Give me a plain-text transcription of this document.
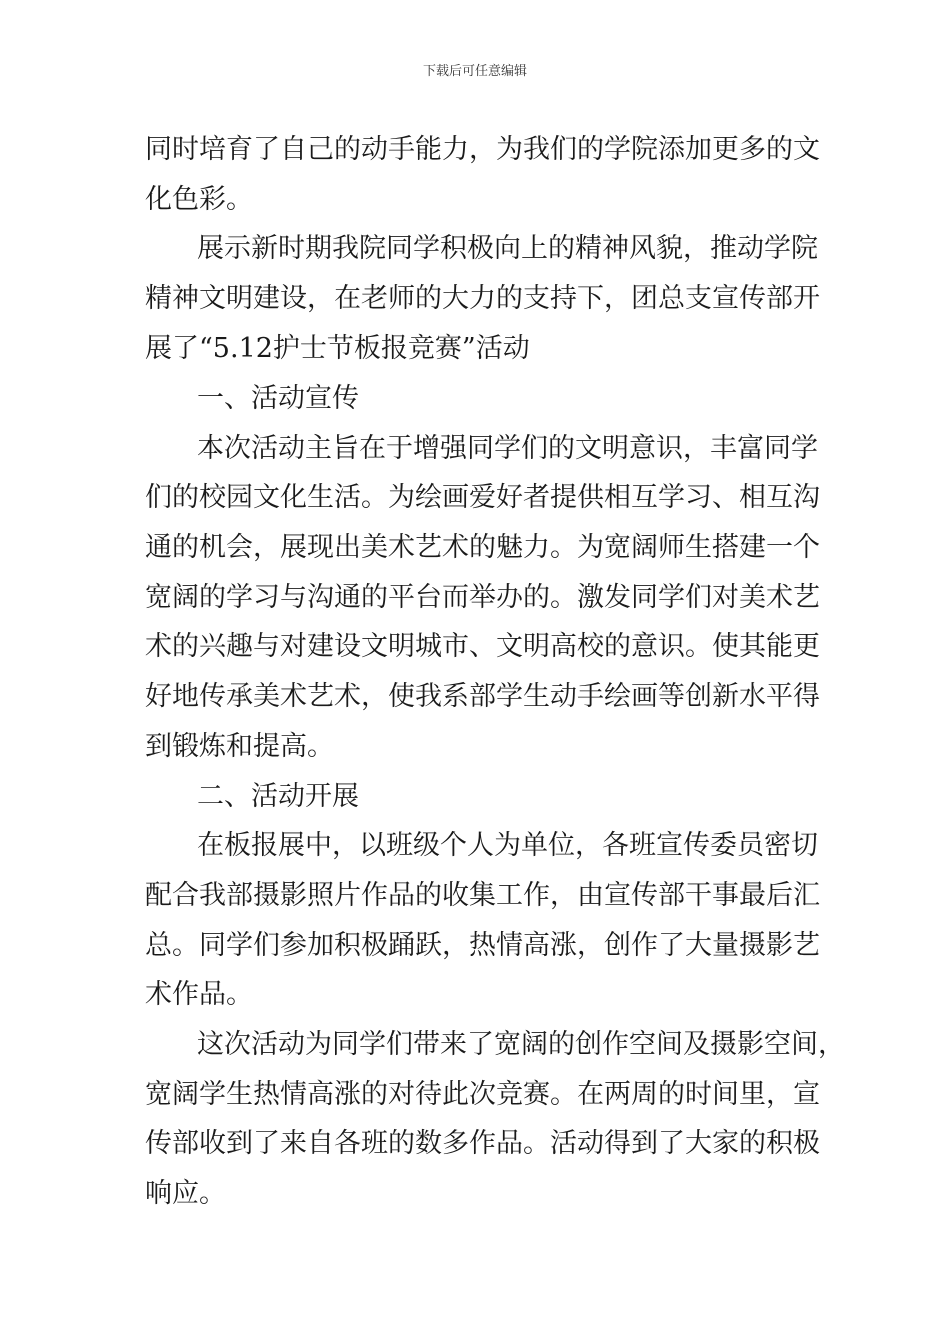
下载后可任意编辑
同时培育了自己的动手能力，为我们的学院添加更多的文
化色彩。
展示新时期我院同学积极向上的精神风貌，推动学院
精神文明建设，在老师的大力的支持下，团总支宣传部开
展了“5.12护士节板报竞赛”活动
一、活动宣传
本次活动主旨在于增强同学们的文明意识，丰富同学
们的校园文化生活。为绘画爱好者提供相互学习、相互沟
通的机会，展现出美术艺术的魅力。为宽阔师生搭建一个
宽阔的学习与沟通的平台而举办的。激发同学们对美术艺
术的兴趣与对建设文明城市、文明高校的意识。使其能更
好地传承美术艺术，使我系部学生动手绘画等创新水平得
到锻炼和提高。
二、活动开展
在板报展中，以班级个人为单位，各班宣传委员密切
配合我部摄影照片作品的收集工作，由宣传部干事最后汇
总。同学们参加积极踊跃，热情高涨，创作了大量摄影艺
术作品。
这次活动为同学们带来了宽阔的创作空间及摄影空间，
宽阔学生热情高涨的对待此次竞赛。在两周的时间里，宣
传部收到了来自各班的数多作品。活动得到了大家的积极
响应。
